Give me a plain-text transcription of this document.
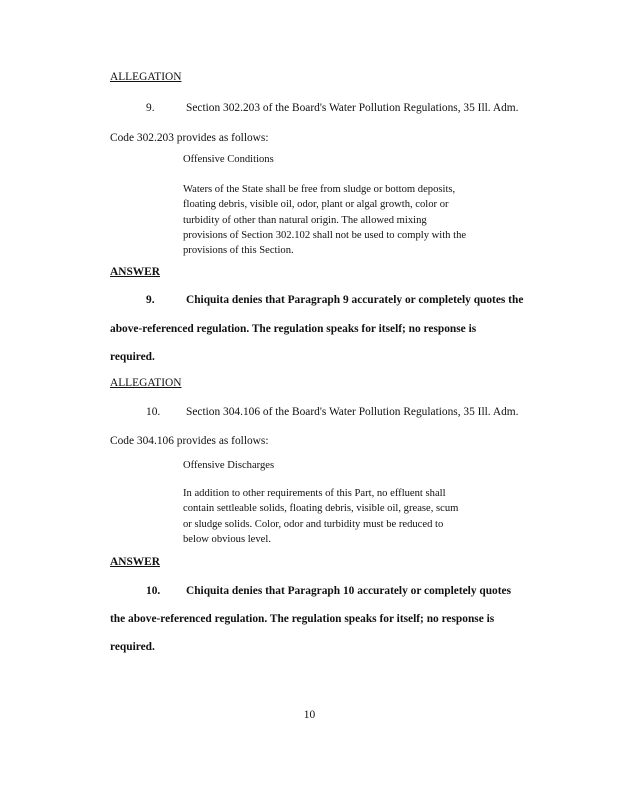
ALLEGATION
9.	Section 302.203 of the Board's Water Pollution Regulations, 35 Ill. Adm.
Code 302.203 provides as follows:
Offensive Conditions
Waters of the State shall be free from sludge or bottom deposits,
floating debris, visible oil, odor, plant or algal growth, color or
turbidity of other than natural origin. The allowed mixing
provisions of Section 302.102 shall not be used to comply with the
provisions of this Section.
ANSWER
9.	Chiquita denies that Paragraph 9 accurately or completely quotes the
above-referenced regulation. The regulation speaks for itself; no response is
required.
ALLEGATION
10. Section 304.106 of the Board's Water Pollution Regulations, 35 Ill. Adm.
Code 304.106 provides as follows:
Offensive Discharges
In addition to other requirements of this Part, no effluent shall
contain settleable solids, floating debris, visible oil, grease, scum
or sludge solids. Color, odor and turbidity must be reduced to
below obvious level.
ANSWER
10. Chiquita denies that Paragraph 10 accurately or completely quotes
the above-referenced regulation. The regulation speaks for itself; no response is
required.
10
